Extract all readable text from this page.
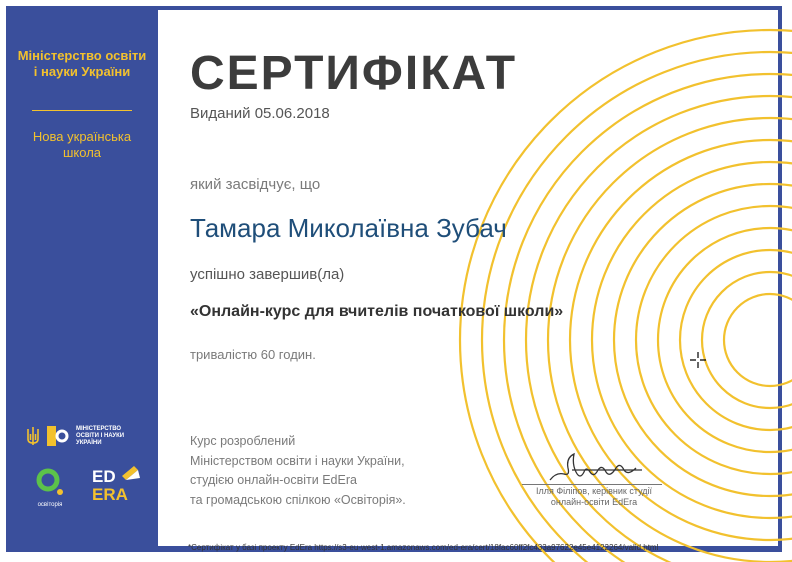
Міністерство освіти і науки України
Нова українська школа
МІНІСТЕРСТВО
ОСВІТИ І НАУКИ
УКРАЇНИ
освіторія
ED
ERA
СЕРТИФІКАТ
Виданий 05.06.2018
який засвідчує, що
Тамара Миколаївна Зубач
успішно завершив(ла)
«Онлайн-курс для вчителів початкової школи»
тривалістю 60 годин.
Курс розроблений
Міністерством освіти і науки України,
студією онлайн-освіти EdEra
та громадською спілкою «Освіторія».
Ілля Філіпов, керівник студії
онлайн-освіти EdEra
*Сертифікат у базі проекту EdEra https://s3-eu-west-1.amazonaws.com/ed-era/cert/18fac60ff2fc433a97622e45e4122264/valid.html
